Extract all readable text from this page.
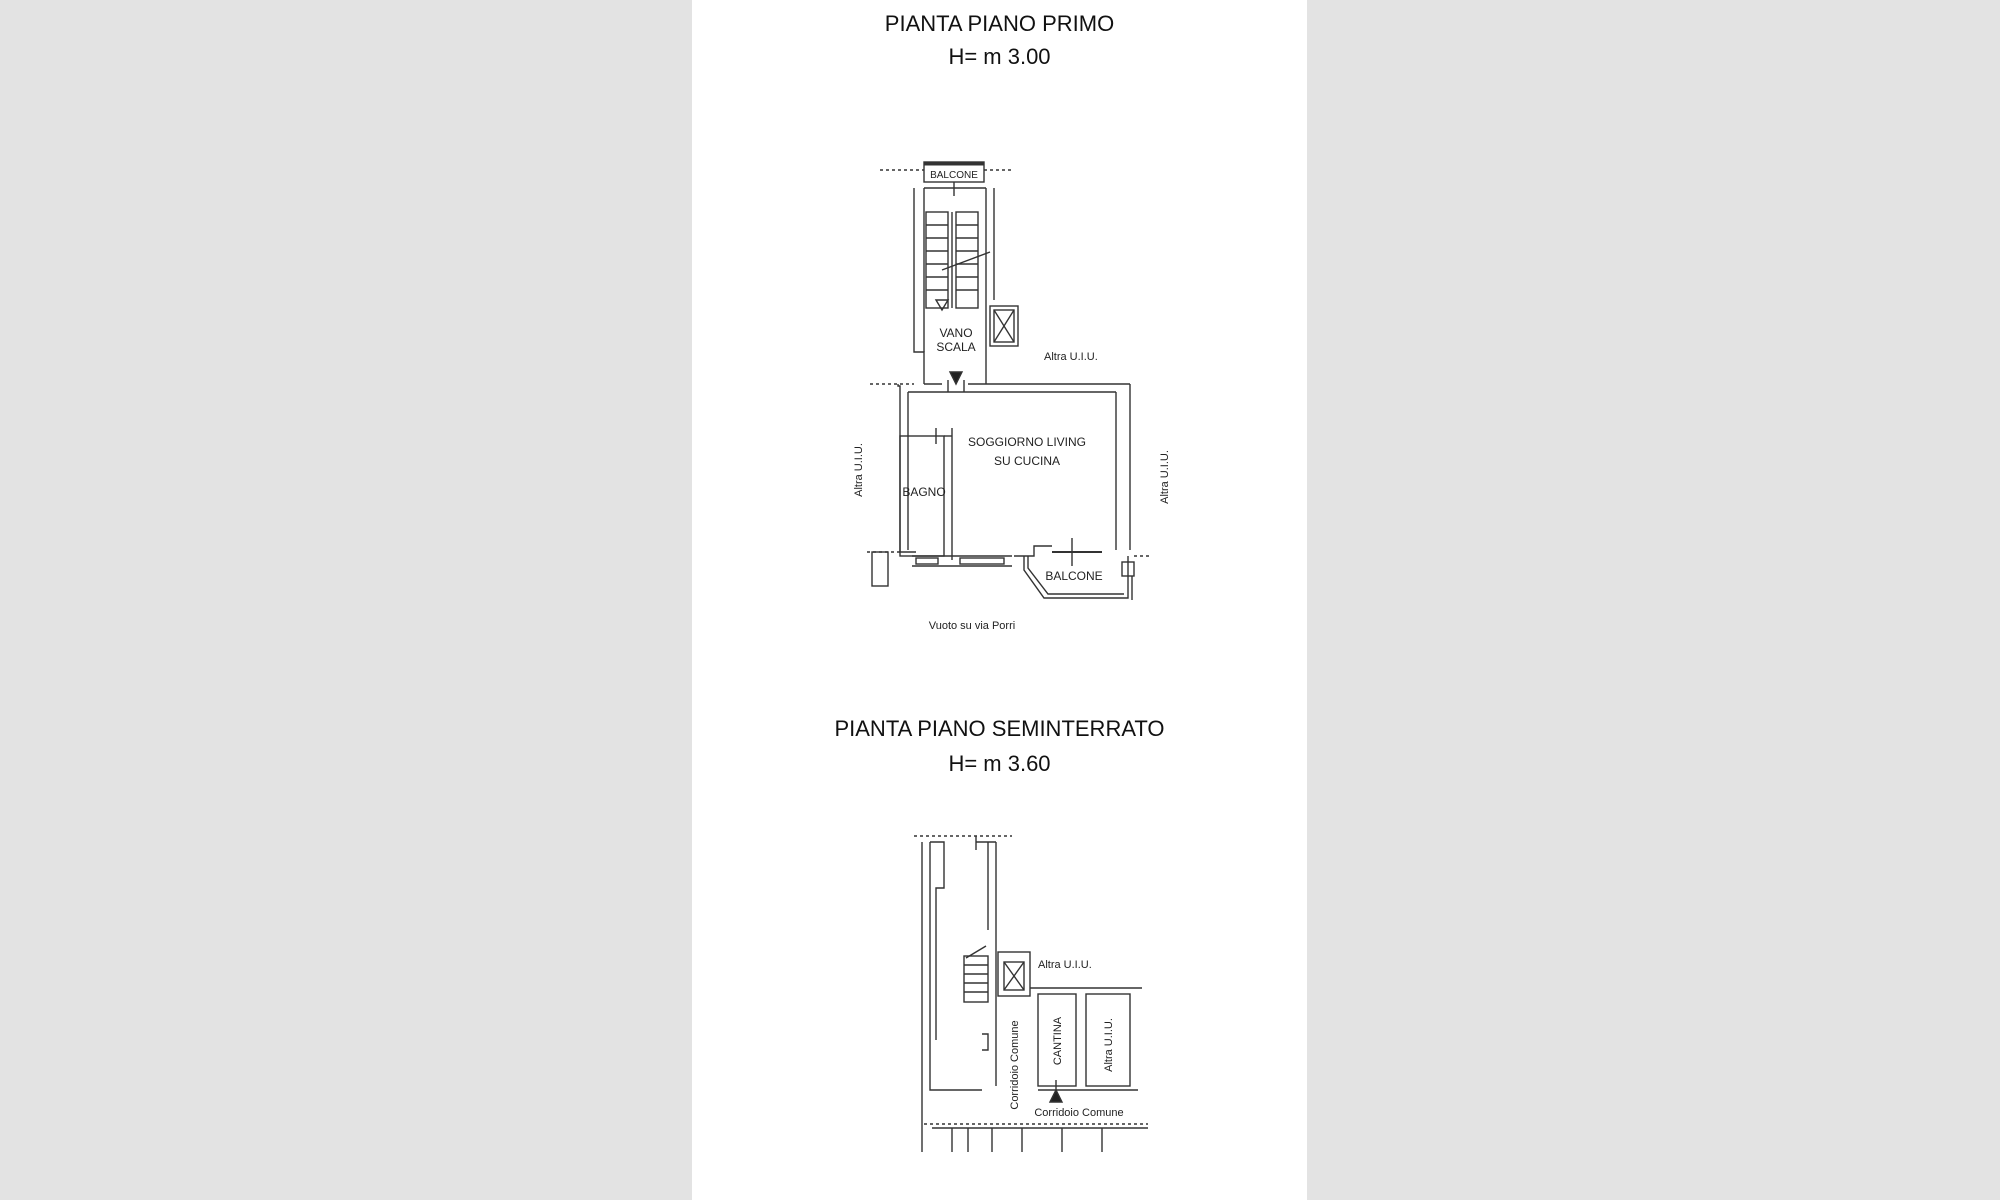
PIANTA PIANO PRIMO
H= m 3.00
PIANTA PIANO SEMINTERRATO
H= m 3.60
BALCONE
VANO
SCALA
Altra U.I.U.
SOGGIORNO LIVING
SU CUCINA
BAGNO
BALCONE
Vuoto su via Porri
Altra U.I.U.	Altra U.I.U.
Altra U.I.U.
Corridoio Comune	CANTINA	Altra U.I.U.
Corridoio Comune
